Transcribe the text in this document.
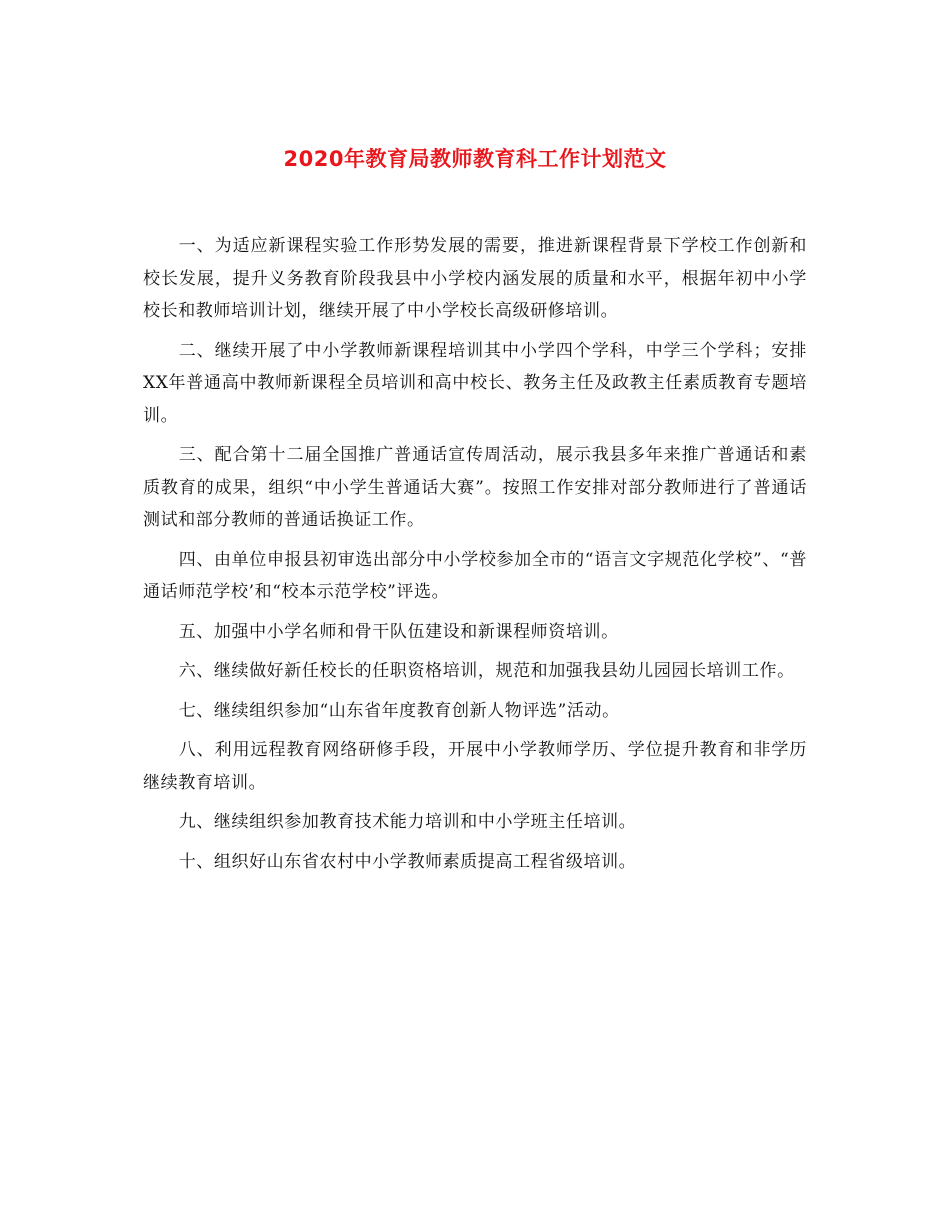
2020年教育局教师教育科工作计划范文

一、为适应新课程实验工作形势发展的需要，推进新课程背景下学校工作创新和校长发展，提升义务教育阶段我县中小学校内涵发展的质量和水平，根据年初中小学校长和教师培训计划，继续开展了中小学校长高级研修培训。

二、继续开展了中小学教师新课程培训其中小学四个学科，中学三个学科；安排XX年普通高中教师新课程全员培训和高中校长、教务主任及政教主任素质教育专题培训。

三、配合第十二届全国推广普通话宣传周活动，展示我县多年来推广普通话和素质教育的成果，组织“中小学生普通话大赛”。按照工作安排对部分教师进行了普通话测试和部分教师的普通话换证工作。

四、由单位申报县初审选出部分中小学校参加全市的“语言文字规范化学校”、“普通话师范学校’和“校本示范学校”评选。

五、加强中小学名师和骨干队伍建设和新课程师资培训。

六、继续做好新任校长的任职资格培训，规范和加强我县幼儿园园长培训工作。

七、继续组织参加“山东省年度教育创新人物评选”活动。

八、利用远程教育网络研修手段，开展中小学教师学历、学位提升教育和非学历继续教育培训。

九、继续组织参加教育技术能力培训和中小学班主任培训。

十、组织好山东省农村中小学教师素质提高工程省级培训。
